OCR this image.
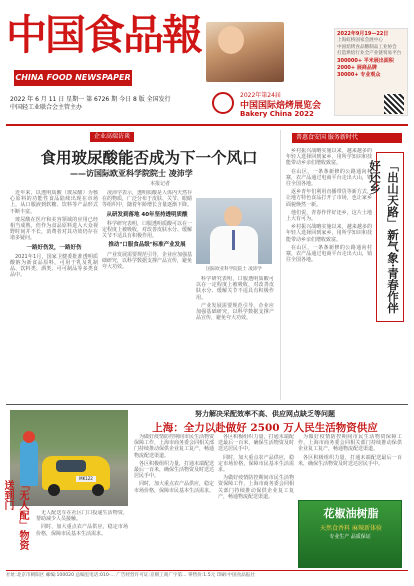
中国食品報
CHINA FOOD NEWSPAPER
2022 年 6 月 11 日 星期一 第 6726 期 今日 8 版 全国发行
中国轻工业联合会主管主办
2022年第24届
中国国际焙烤展览会
Bakery China 2022
2022年9月19—22日
上海虹桥国家会展中心
中国焙烤食品糖制品工业协会
打造烘焙行业全产业链贸易平台
300000+ 平米展出面积
2000+ 展商品牌
30000+ 专业观众
企业高端访谈
食用玻尿酸能否成为下一个风口
——访国际欧亚科学院院士 凌沛学
本报记者

近年来，以透明质酸（玻尿酸）为核心原料的功能性食品陆续出现在市场上，从口服液到软糖、饮料等产品形式不断丰富。

玻尿酸在医疗和美容领域的应用已经相当成熟，但作为食品原料进入大众视野时间并不长，消费者对其功效仍存在诸多疑问。

一路好伤发，一路好伤

2021年1月，国家卫健委批准透明质酸钠为新食品原料，可用于乳及乳制品、饮料类、酒类、可可制品等多类食品中。

凌沛学表示，透明质酸是人体内天然存在的物质，广泛分布于皮肤、关节、眼睛等组织中，随着年龄增长含量逐渐下降。

从研发到落地 40年坚持透明质酸

科学研究表明，口服透明质酸可以在一定程度上被吸收，对改善皮肤水分、缓解关节不适具有积极作用。

推动"口服食品级"标准产业发展

产业发展需要规范引导，企业应加强基础研究，以科学数据支撑产品宣传，避免夸大功效。	国际欧亚科学院院士 凌沛学

科学研究表明，口服透明质酸可以在一定程度上被吸收，对改善皮肤水分、缓解关节不适具有积极作用。

产业发展需要规范引导，企业应加强基础研究，以科学数据支撑产品宣传，避免夸大功效。

普惠食安国 服务新时代

乡村振兴战略实施以来，越来越多的年轻人选择回到家乡，用所学知识和技能带动乡亲们增收致富。

在山区，一条条新修的公路通向村寨，农产品通过电商平台走出大山，销往全国各地。

返乡青年们利用直播带货等新方式，让地方特色食品打开了市场，也让家乡面貌焕然一新。

他们说，青春作伴好还乡，这片土地上大有可为。

乡村振兴战略实施以来，越来越多的年轻人选择回到家乡，用所学知识和技能带动乡亲们增收致富。

在山区，一条条新修的公路通向村寨，农产品通过电商平台走出大山，销往全国各地。	「出山天路」新气象·青春作伴好还乡
努力解决采配效率不高、供应网点缺乏等问题
上海：全力以赴做好 2500 万人民生活物资供应
MK122
「无人配」物资送到门

无人配送车在社区门口投递生活物资，帮助减少人员接触。

同时，加大重点农产品供应，稳定市场价格，保障市民基本生活需求。

为做好疫情防控期间市民生活物资保障工作，上海市商务委会同相关部门持续推动保供企业复工复产，畅通物流配送渠道。

各区积极组织力量，打通末端配送最后一百米，确保生活物资及时送达居民手中。

同时，加大重点农产品供应，稳定市场价格，保障市民基本生活需求。

各区积极组织力量，打通末端配送最后一百米，确保生活物资及时送达居民手中。

同时，加大重点农产品供应，稳定市场价格，保障市民基本生活需求。

为做好疫情防控期间市民生活物资保障工作，上海市商务委会同相关部门持续推动保供企业复工复产，畅通物流配送渠道。

为做好疫情防控期间市民生活物资保障工作，上海市商务委会同相关部门持续推动保供企业复工复产，畅通物流配送渠道。

各区积极组织力量，打通末端配送最后一百米，确保生活物资及时送达居民手中。

花椒油树脂
天然食香料 麻辣新体验
专业生产 品质保证
社址:北京市朝阳区 邮编:100020 总编室电话:010-... 广告经营许可证:京朝工商广字第... 零售价:1.5元 印刷:中国食品报社
